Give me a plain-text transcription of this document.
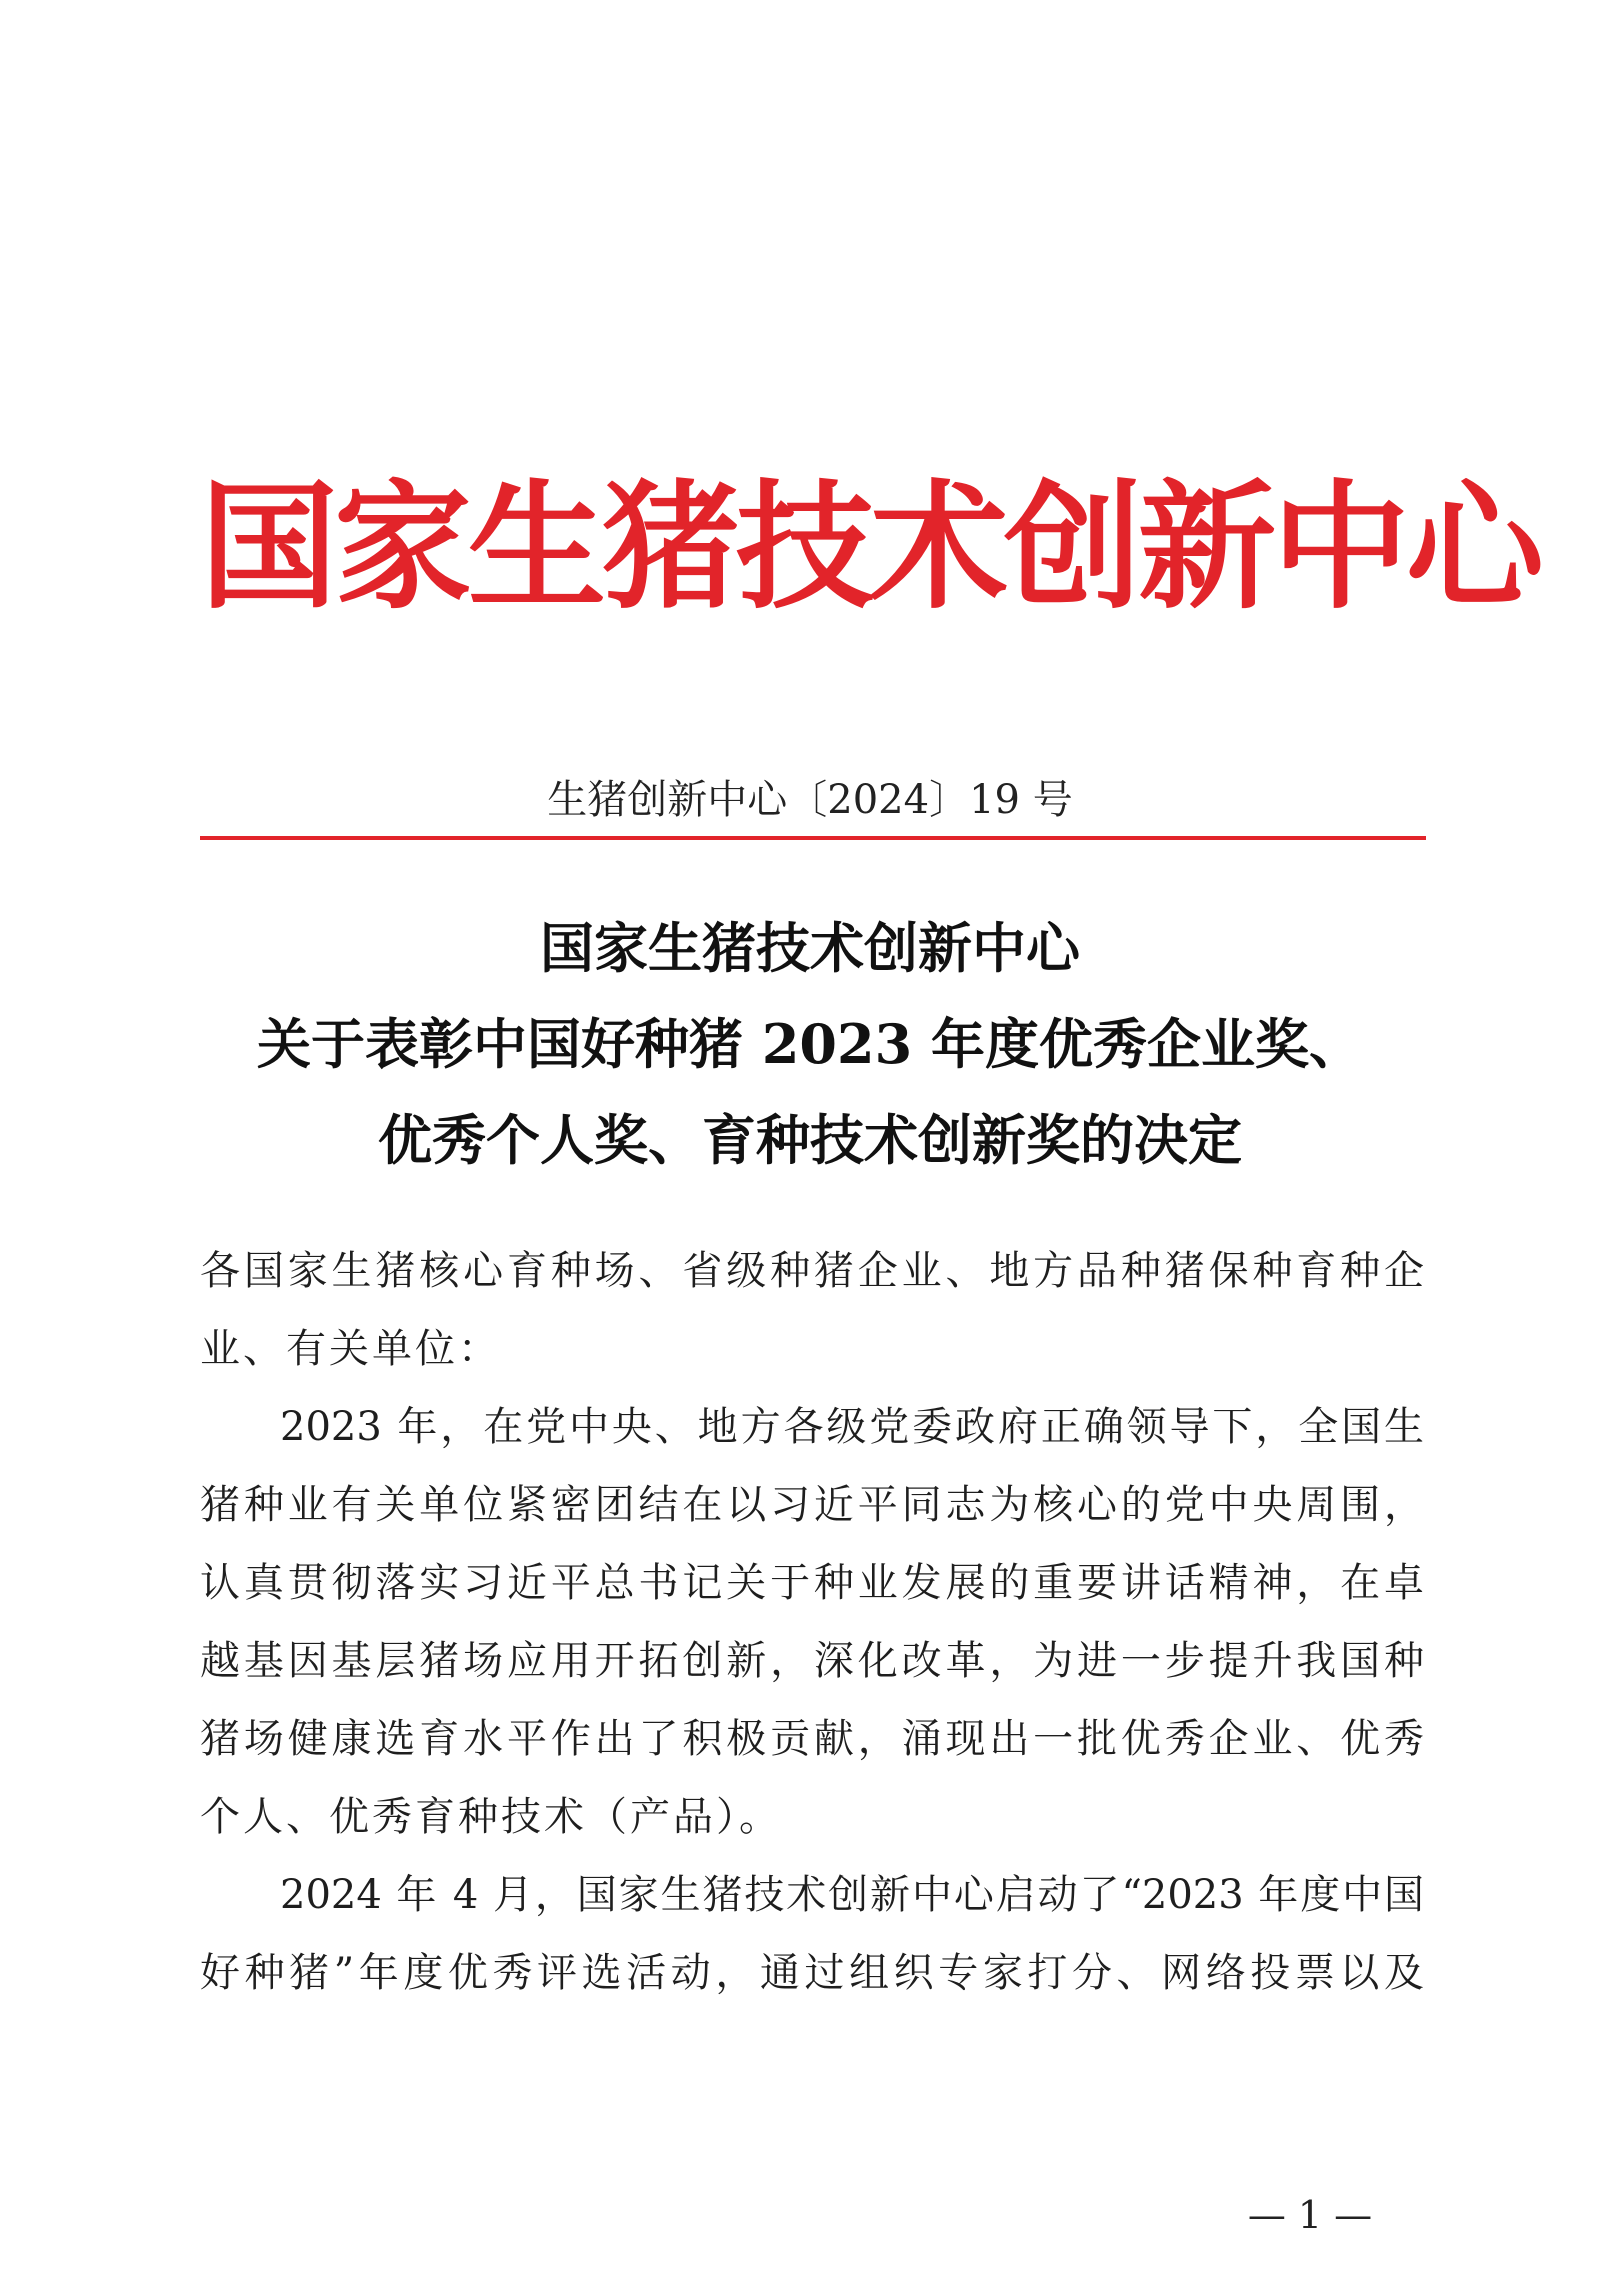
国家生猪技术创新中心
生猪创新中心〔2024〕19 号
国家生猪技术创新中心
关于表彰中国好种猪 2023 年度优秀企业奖、
优秀个人奖、育种技术创新奖的决定
各国家生猪核心育种场、省级种猪企业、地方品种猪保种育种企
业、有关单位：
2023 年，在党中央、地方各级党委政府正确领导下，全国生
猪种业有关单位紧密团结在以习近平同志为核心的党中央周围，
认真贯彻落实习近平总书记关于种业发展的重要讲话精神，在卓
越基因基层猪场应用开拓创新，深化改革，为进一步提升我国种
猪场健康选育水平作出了积极贡献，涌现出一批优秀企业、优秀
个人、优秀育种技术（产品）。
2024 年 4 月，国家生猪技术创新中心启动了“2023 年度中国
好种猪”年度优秀评选活动，通过组织专家打分、网络投票以及
— 1 —
